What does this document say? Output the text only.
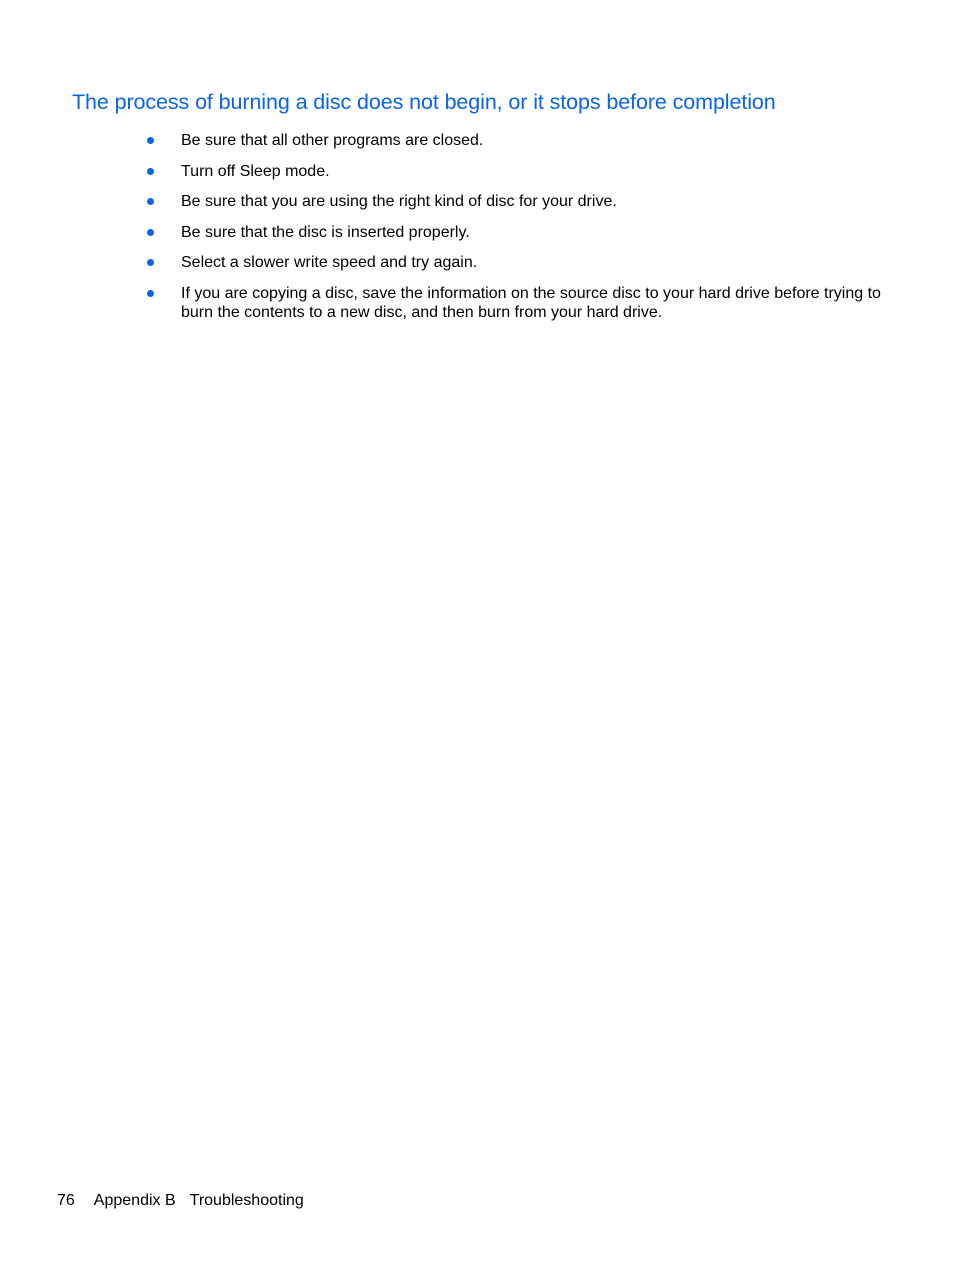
The process of burning a disc does not begin, or it stops before completion
Be sure that all other programs are closed.
Turn off Sleep mode.
Be sure that you are using the right kind of disc for your drive.
Be sure that the disc is inserted properly.
Select a slower write speed and try again.
If you are copying a disc, save the information on the source disc to your hard drive before trying to burn the contents to a new disc, and then burn from your hard drive.
76 Appendix B Troubleshooting
